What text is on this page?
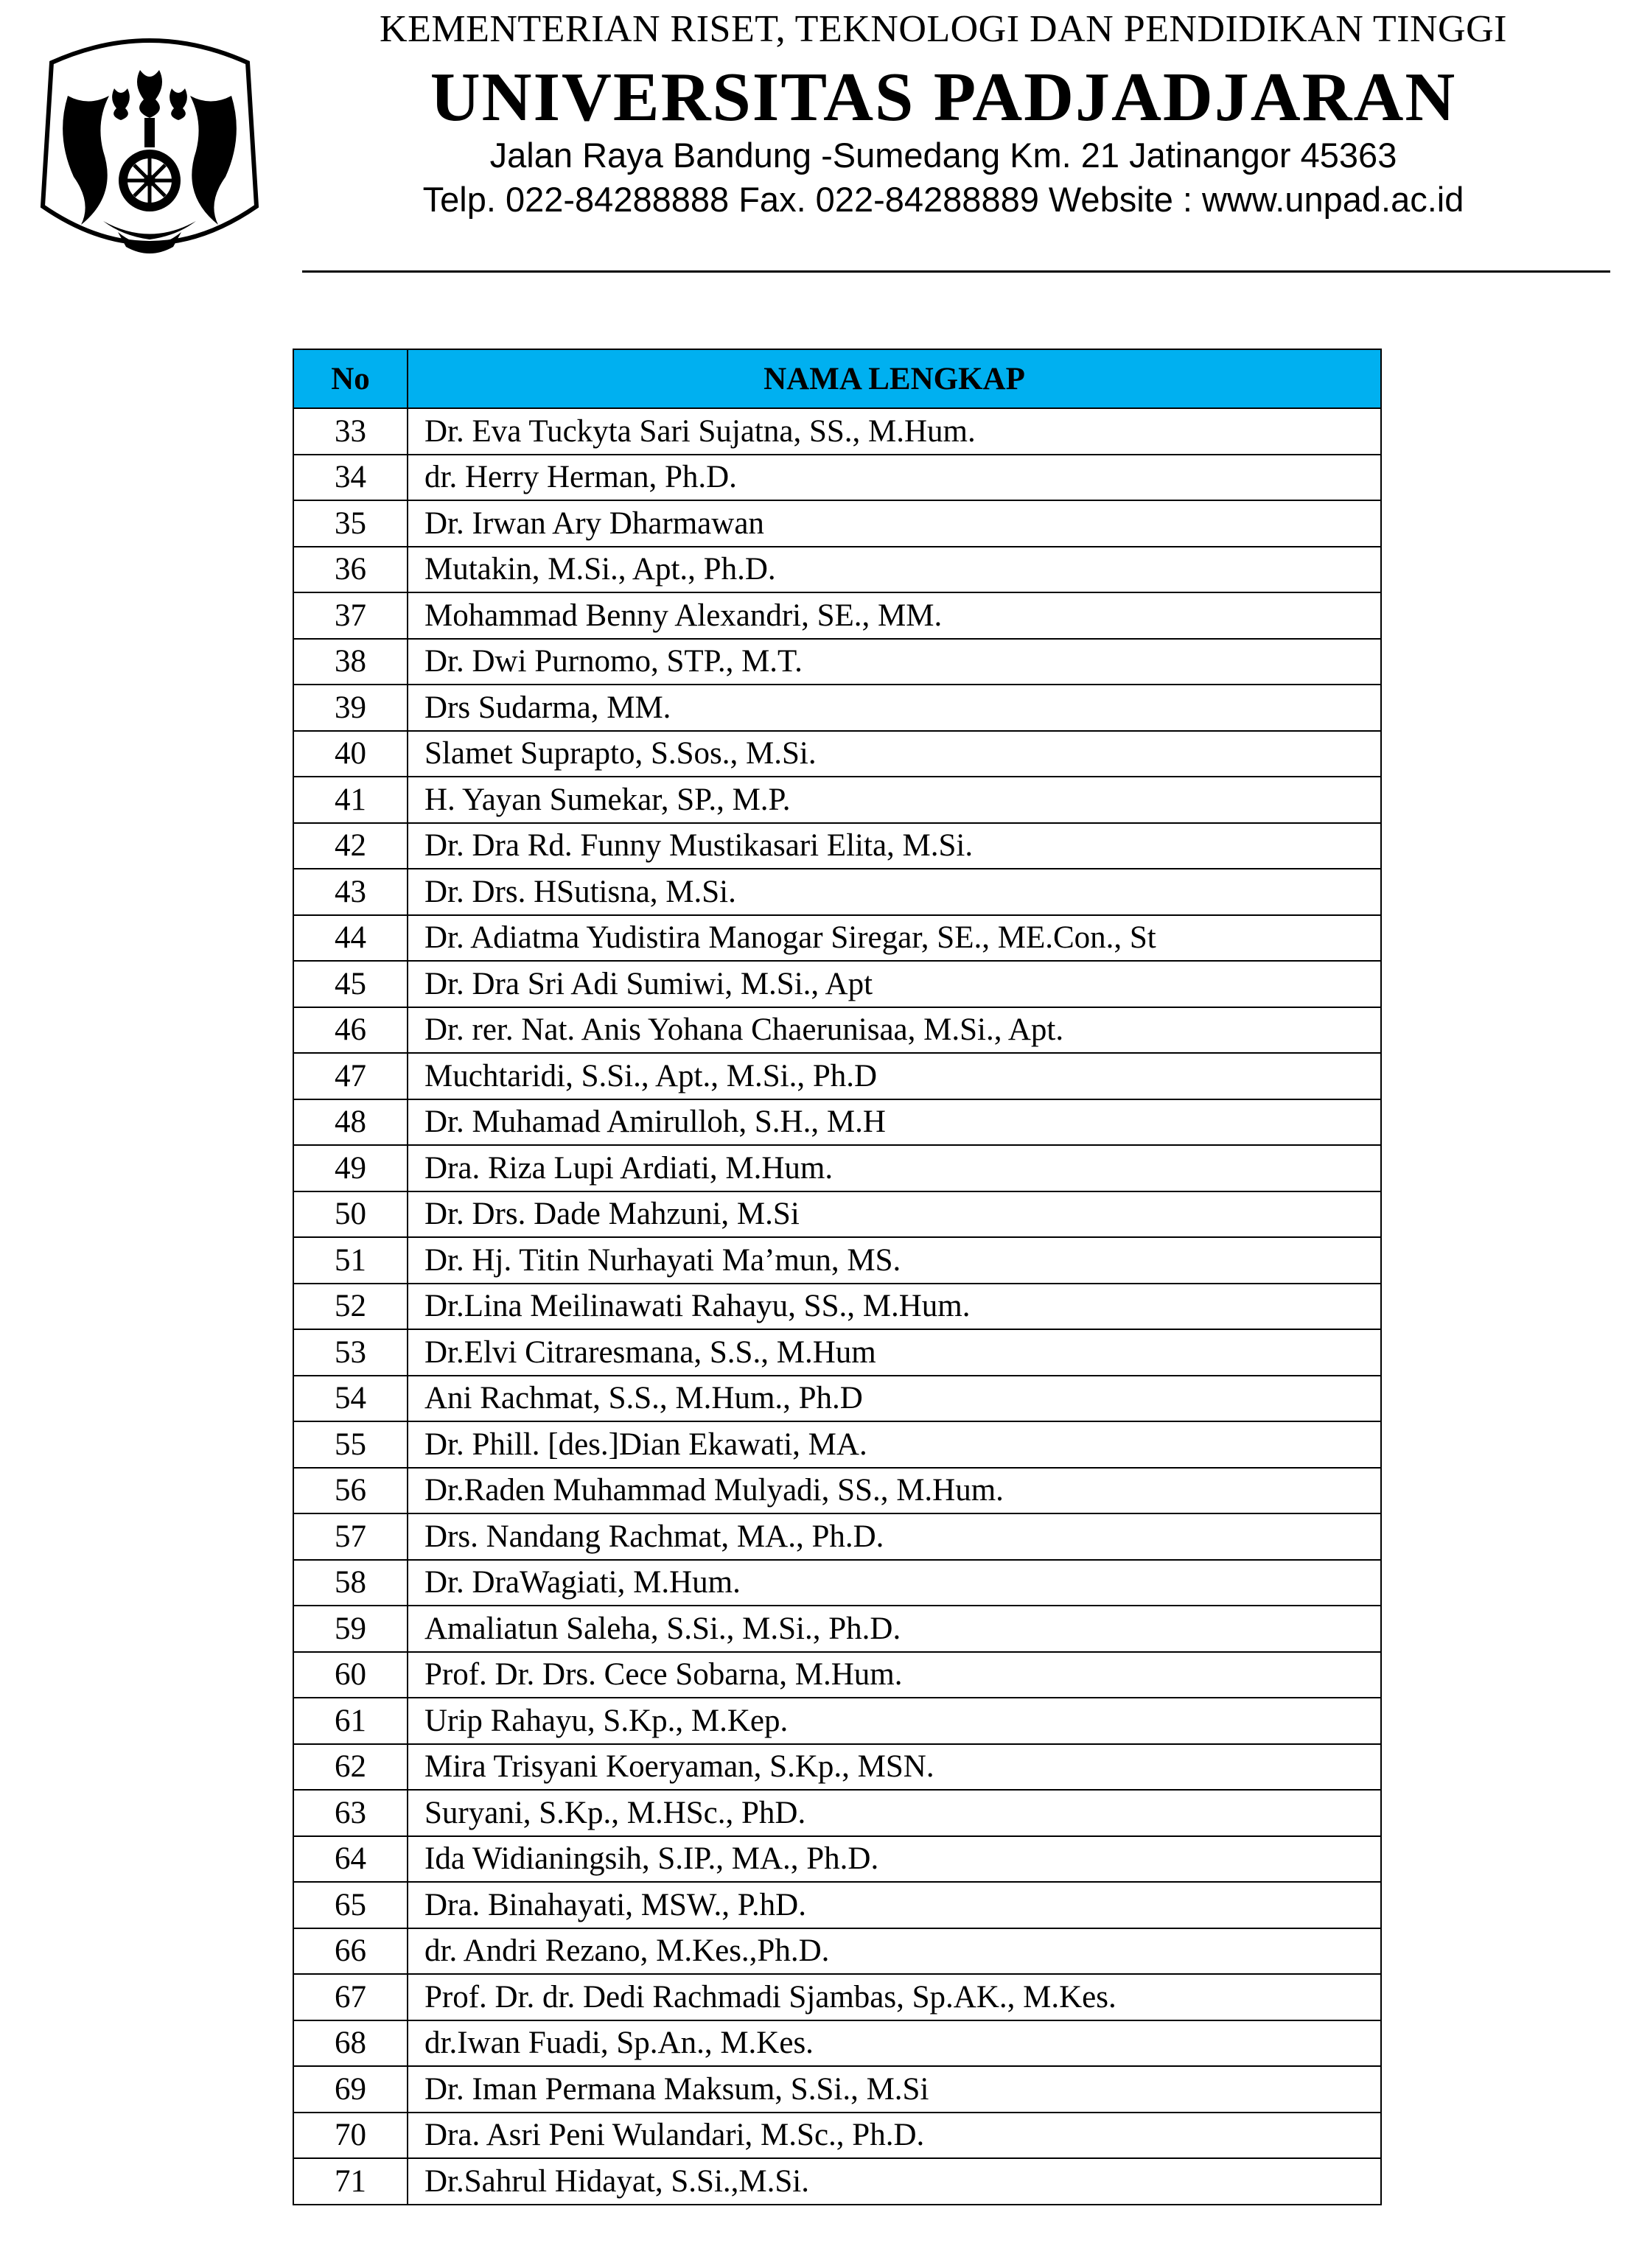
KEMENTERIAN RISET, TEKNOLOGI DAN PENDIDIKAN TINGGI
UNIVERSITAS PADJADJARAN
Jalan Raya Bandung -Sumedang Km. 21 Jatinangor 45363
Telp. 022-84288888 Fax. 022-84288889 Website : www.unpad.ac.id
No	NAMA LENGKAP
33	Dr. Eva Tuckyta Sari Sujatna, SS., M.Hum.
34	dr. Herry Herman, Ph.D.
35	Dr. Irwan Ary Dharmawan
36	Mutakin, M.Si., Apt., Ph.D.
37	Mohammad Benny Alexandri, SE., MM.
38	Dr. Dwi Purnomo, STP., M.T.
39	Drs Sudarma, MM.
40	Slamet Suprapto, S.Sos., M.Si.
41	H. Yayan Sumekar, SP., M.P.
42	Dr. Dra Rd. Funny Mustikasari Elita, M.Si.
43	Dr. Drs. HSutisna, M.Si.
44	Dr. Adiatma Yudistira Manogar Siregar, SE., ME.Con., St
45	Dr. Dra Sri Adi Sumiwi, M.Si., Apt
46	Dr. rer. Nat. Anis Yohana Chaerunisaa, M.Si., Apt.
47	Muchtaridi, S.Si., Apt., M.Si., Ph.D
48	Dr. Muhamad Amirulloh, S.H., M.H
49	Dra. Riza Lupi Ardiati, M.Hum.
50	Dr. Drs. Dade Mahzuni, M.Si
51	Dr. Hj. Titin Nurhayati Ma’mun, MS.
52	Dr.Lina Meilinawati Rahayu, SS., M.Hum.
53	Dr.Elvi Citraresmana, S.S., M.Hum
54	Ani Rachmat, S.S., M.Hum., Ph.D
55	Dr. Phill. [des.]Dian Ekawati, MA.
56	Dr.Raden Muhammad Mulyadi, SS., M.Hum.
57	Drs. Nandang Rachmat, MA., Ph.D.
58	Dr. DraWagiati, M.Hum.
59	Amaliatun Saleha, S.Si., M.Si., Ph.D.
60	Prof. Dr. Drs. Cece Sobarna, M.Hum.
61	Urip Rahayu, S.Kp., M.Kep.
62	Mira Trisyani Koeryaman, S.Kp., MSN.
63	Suryani, S.Kp., M.HSc., PhD.
64	Ida Widianingsih, S.IP., MA., Ph.D.
65	Dra. Binahayati, MSW., P.hD.
66	dr. Andri Rezano, M.Kes.,Ph.D.
67	Prof. Dr. dr. Dedi Rachmadi Sjambas, Sp.AK., M.Kes.
68	dr.Iwan Fuadi, Sp.An., M.Kes.
69	Dr. Iman Permana Maksum, S.Si., M.Si
70	Dra. Asri Peni Wulandari, M.Sc., Ph.D.
71	Dr.Sahrul Hidayat, S.Si.,M.Si.
